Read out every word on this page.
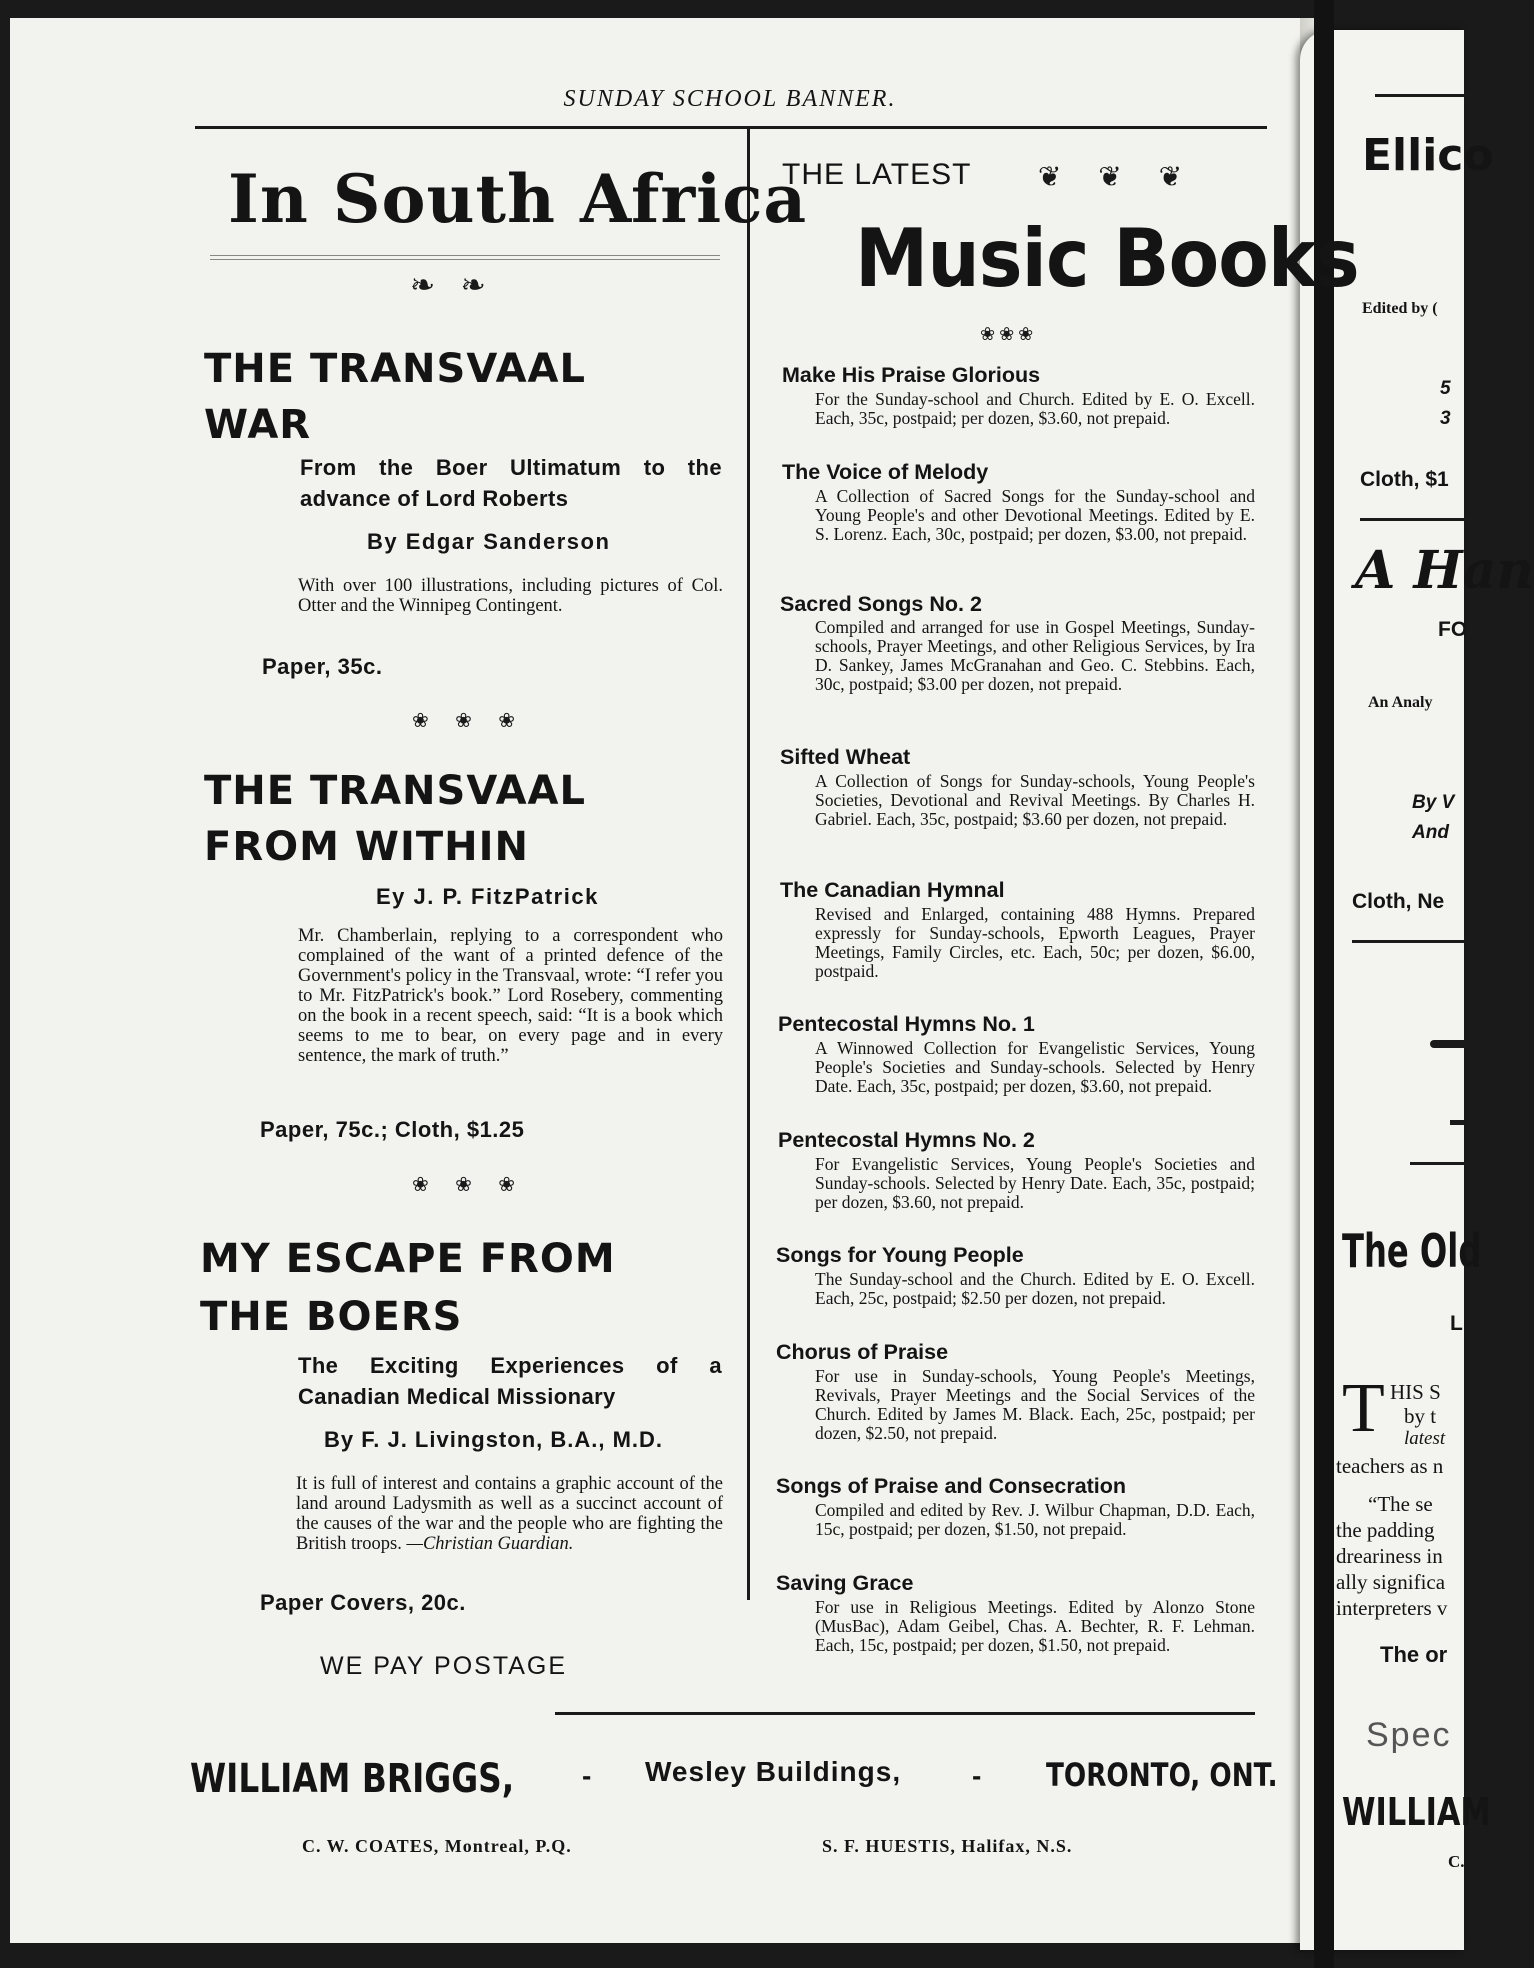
Ellico
Edited by (
5
3
Cloth, $1
A Han
FO
An Analy
By V
And
Cloth, Ne
The Old
L
T HIS S
by t
latest
teachers as n
“The se
the padding
dreariness in
ally significa
interpreters v
The or
Spec
WILLIAM
C.
SUNDAY SCHOOL BANNER.
In South Africa
❧ ❧
THE TRANSVAAL
WAR
From the Boer Ultimatum to the advance of Lord Roberts
By Edgar Sanderson
With over 100 illustrations, including pictures of Col. Otter and the Winnipeg Contingent.
Paper, 35c.
❀ ❀ ❀
THE TRANSVAAL
FROM WITHIN
Ey J. P. FitzPatrick
Mr. Chamberlain, replying to a correspondent who complained of the want of a printed defence of the Government's policy in the Transvaal, wrote: “I refer you to Mr. FitzPatrick's book.” Lord Rosebery, commenting on the book in a recent speech, said: “It is a book which seems to me to bear, on every page and in every sentence, the mark of truth.”
Paper, 75c.; Cloth, $1.25
❀ ❀ ❀
MY ESCAPE FROM
THE BOERS
The Exciting Experiences of a Canadian Medical Missionary
By F. J. Livingston, B.A., M.D.
It is full of interest and contains a graphic account of the land around Ladysmith as well as a succinct account of the causes of the war and the people who are fighting the British troops. —Christian Guardian.
Paper Covers, 20c.
WE PAY POSTAGE
THE LATEST ❦ ❦ ❦
Music Books
❀❀❀
Make His Praise Glorious
For the Sunday-school and Church. Edited by E. O. Excell. Each, 35c, postpaid; per dozen, $3.60, not prepaid.
The Voice of Melody
A Collection of Sacred Songs for the Sunday-school and Young People's and other Devotional Meetings. Edited by E. S. Lorenz. Each, 30c, postpaid; per dozen, $3.00, not prepaid.
Sacred Songs No. 2
Compiled and arranged for use in Gospel Meetings, Sunday-schools, Prayer Meetings, and other Religious Services, by Ira D. Sankey, James McGranahan and Geo. C. Stebbins. Each, 30c, postpaid; $3.00 per dozen, not prepaid.
Sifted Wheat
A Collection of Songs for Sunday-schools, Young People's Societies, Devotional and Revival Meetings. By Charles H. Gabriel. Each, 35c, postpaid; $3.60 per dozen, not prepaid.
The Canadian Hymnal
Revised and Enlarged, containing 488 Hymns. Prepared expressly for Sunday-schools, Epworth Leagues, Prayer Meetings, Family Circles, etc. Each, 50c; per dozen, $6.00, postpaid.
Pentecostal Hymns No. 1
A Winnowed Collection for Evangelistic Services, Young People's Societies and Sunday-schools. Selected by Henry Date. Each, 35c, postpaid; per dozen, $3.60, not prepaid.
Pentecostal Hymns No. 2
For Evangelistic Services, Young People's Societies and Sunday-schools. Selected by Henry Date. Each, 35c, postpaid; per dozen, $3.60, not prepaid.
Songs for Young People
The Sunday-school and the Church. Edited by E. O. Excell. Each, 25c, postpaid; $2.50 per dozen, not prepaid.
Chorus of Praise
For use in Sunday-schools, Young People's Meetings, Revivals, Prayer Meetings and the Social Services of the Church. Edited by James M. Black. Each, 25c, postpaid; per dozen, $2.50, not prepaid.
Songs of Praise and Consecration
Compiled and edited by Rev. J. Wilbur Chapman, D.D. Each, 15c, postpaid; per dozen, $1.50, not prepaid.
Saving Grace
For use in Religious Meetings. Edited by Alonzo Stone (MusBac), Adam Geibel, Chas. A. Bechter, R. F. Lehman. Each, 15c, postpaid; per dozen, $1.50, not prepaid.
WILLIAM BRIGGS, - Wesley Buildings,	- TORONTO, ONT.
C. W. COATES, Montreal, P.Q.	S. F. HUESTIS, Halifax, N.S.
